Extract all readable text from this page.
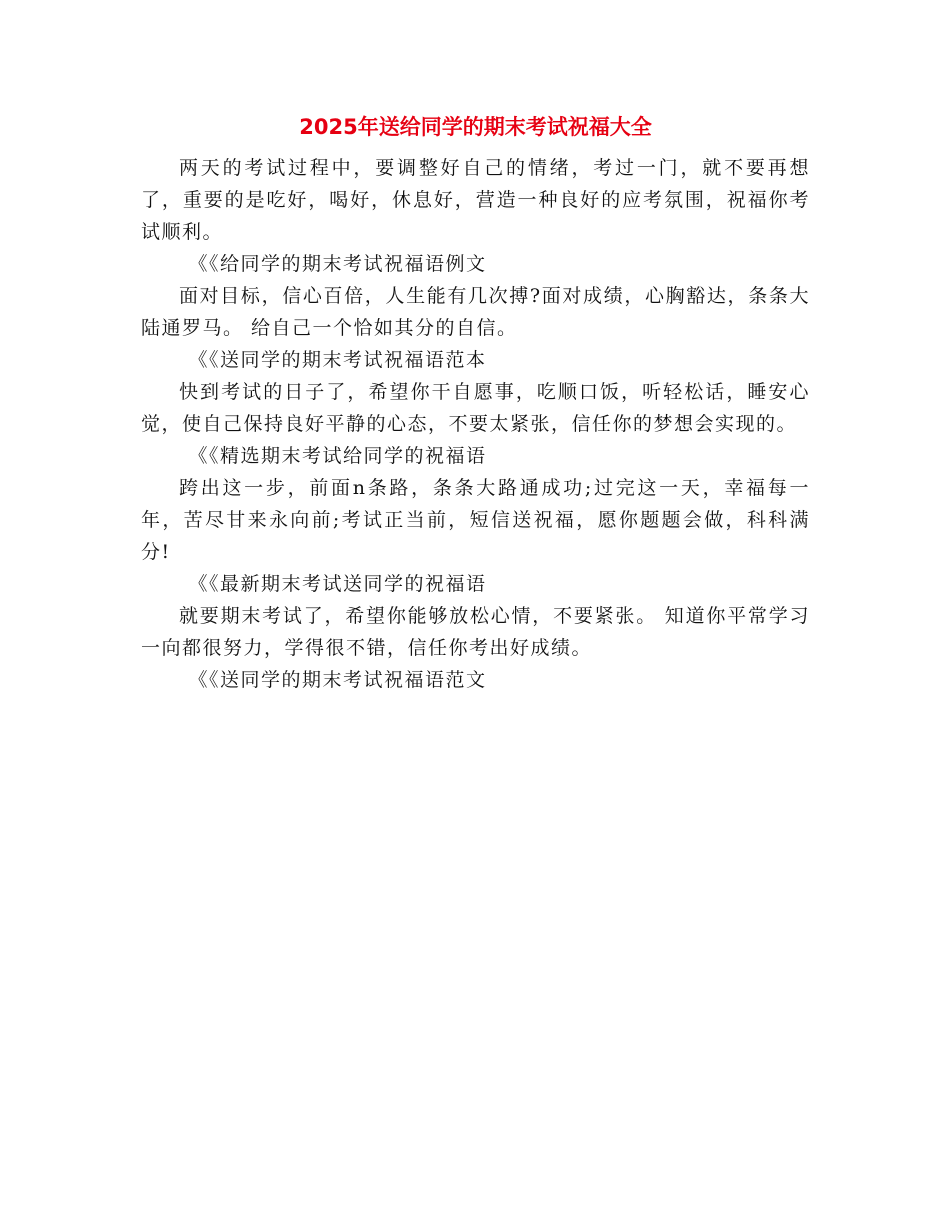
2025年送给同学的期末考试祝福大全

两天的考试过程中，要调整好自己的情绪，考过一门，就不要再想了，重要的是吃好，喝好，休息好，营造一种良好的应考氛围，祝福你考试顺利。

《《给同学的期末考试祝福语例文

面对目标，信心百倍，人生能有几次搏?面对成绩，心胸豁达，条条大陆通罗马。 给自己一个恰如其分的自信。

《《送同学的期末考试祝福语范本

快到考试的日子了，希望你干自愿事，吃顺口饭，听轻松话，睡安心觉，使自己保持良好平静的心态，不要太紧张，信任你的梦想会实现的。

《《精选期末考试给同学的祝福语

跨出这一步，前面n条路，条条大路通成功;过完这一天，幸福每一年，苦尽甘来永向前;考试正当前，短信送祝福，愿你题题会做，科科满分!

《《最新期末考试送同学的祝福语

就要期末考试了，希望你能够放松心情，不要紧张。 知道你平常学习一向都很努力，学得很不错，信任你考出好成绩。

《《送同学的期末考试祝福语范文
